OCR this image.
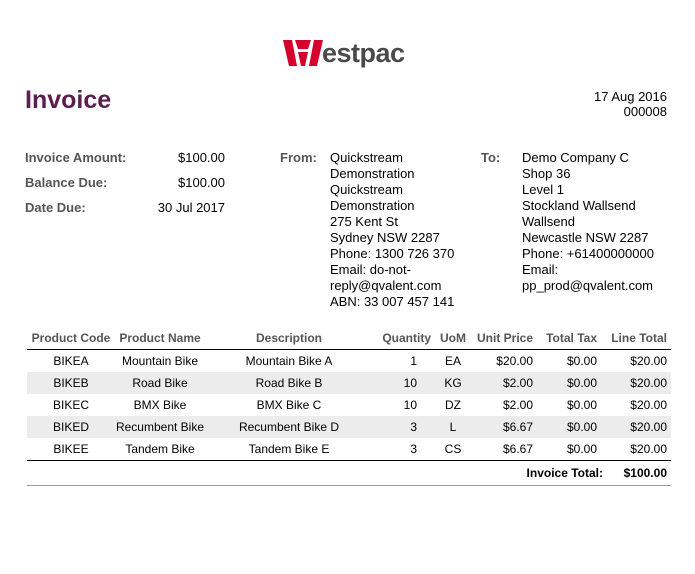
estpac
Invoice	17 Aug 2016
000008
Invoice Amount:	$100.00
Balance Due:	$100.00
Date Due:	30 Jul 2017
From: Quickstream
Demonstration
Quickstream
Demonstration
275 Kent St
Sydney NSW 2287
Phone: 1300 726 370
Email: do-not-
reply@qvalent.com
ABN: 33 007 457 141
To: Demo Company C
Shop 36
Level 1
Stockland Wallsend
Wallsend
Newcastle NSW 2287
Phone: +61400000000
Email:
pp_prod@qvalent.com
Product Code	Product Name	Description	Quantity	UoM	Unit Price	Total Tax	Line Total
BIKEA	Mountain Bike	Mountain Bike A	1	EA	$20.00	$0.00	$20.00
BIKEB	Road Bike	Road Bike B	10	KG	$2.00	$0.00	$20.00
BIKEC	BMX Bike	BMX Bike C	10	DZ	$2.00	$0.00	$20.00
BIKED	Recumbent Bike	Recumbent Bike D	3	L	$6.67	$0.00	$20.00
BIKEE	Tandem Bike	Tandem Bike E	3	CS	$6.67	$0.00	$20.00
Invoice Total: $100.00
